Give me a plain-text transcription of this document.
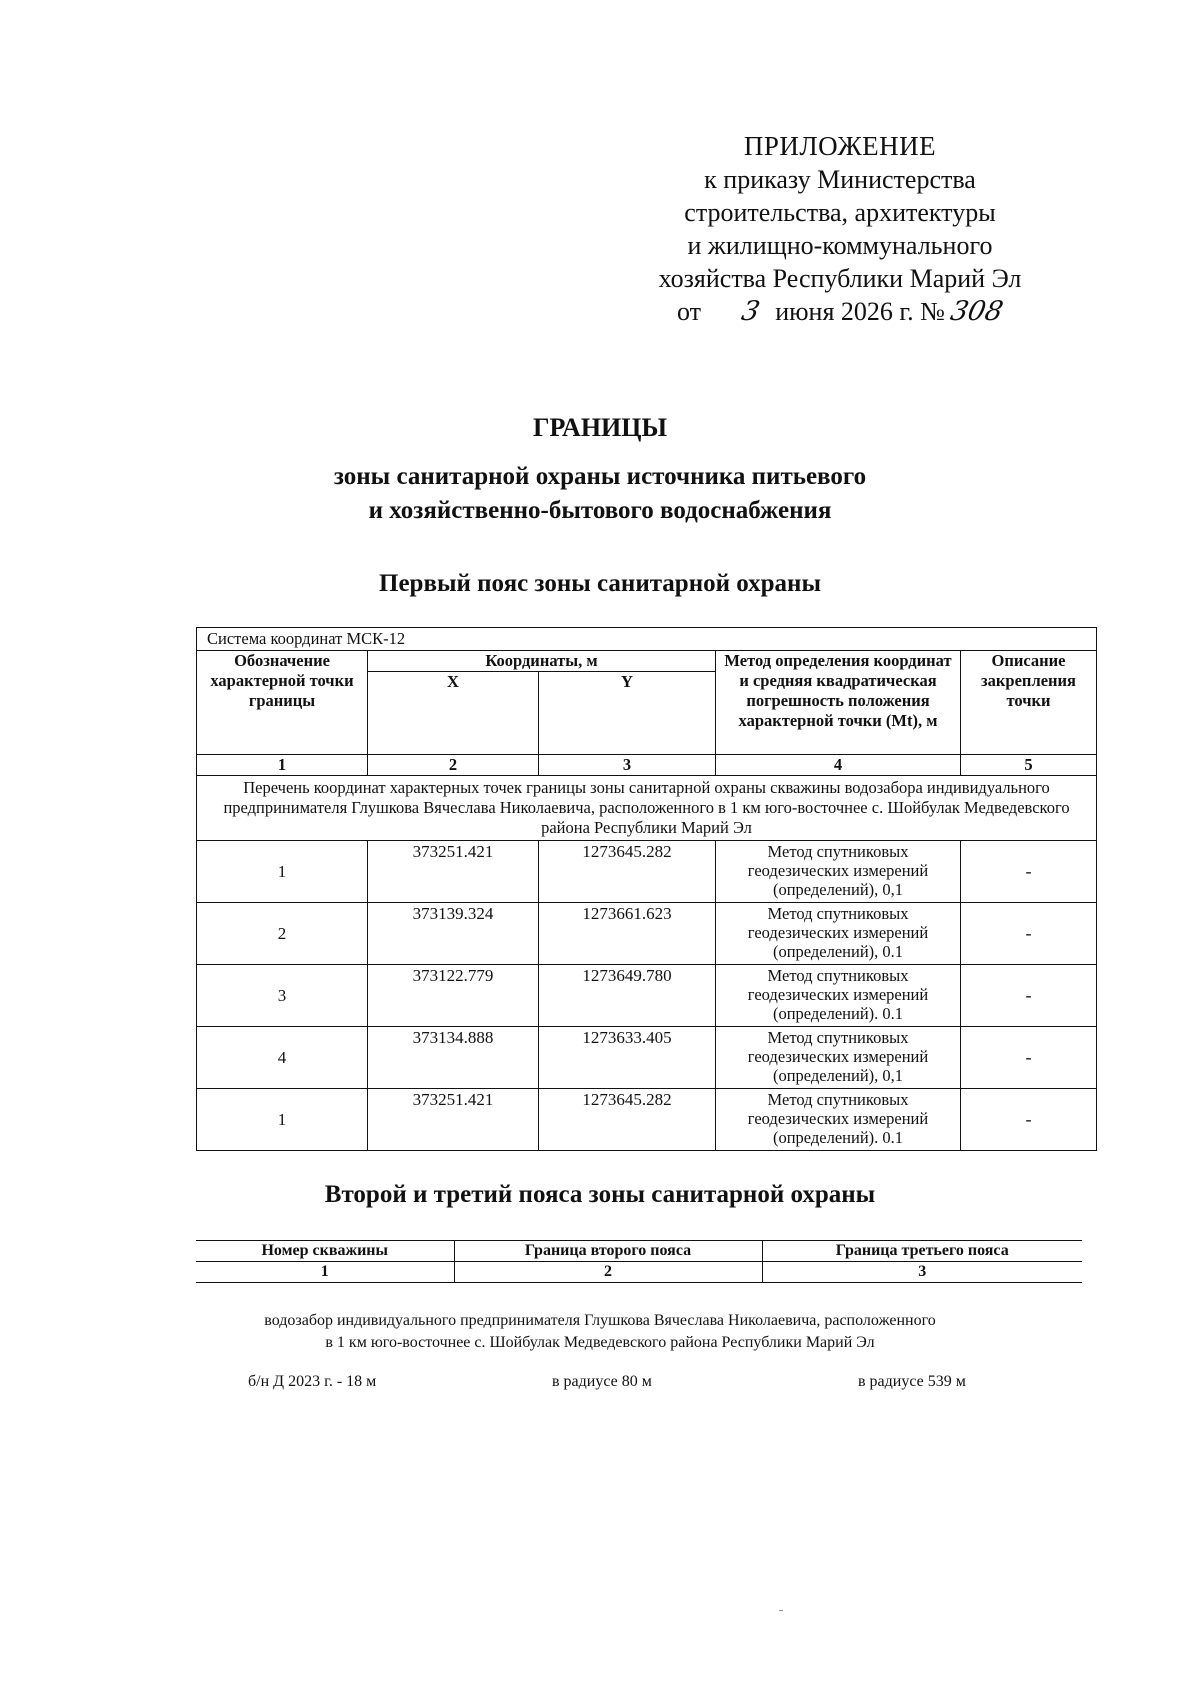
ПРИЛОЖЕНИЕ
к приказу Министерства
строительства, архитектуры
и жилищно-коммунального
хозяйства Республики Марий Эл
от 3 июня 2026 г. № 308
ГРАНИЦЫ
зоны санитарной охраны источника питьевого
и хозяйственно-бытового водоснабжения
Первый пояс зоны санитарной охраны
Система координат МСК-12				
Обозначение характерной точки границы	Координаты, м		Метод определения координат и средняя квадратическая погрешность положения характерной точки (Mt), м	Описание закрепления точки
	X	Y		
1	2	3	4	5
Перечень координат характерных точек границы зоны санитарной охраны скважины водозабора индивидуального предпринимателя Глушкова Вячеслава Николаевича, расположенного в 1 км юго-восточнее с. Шойбулак Медведевского района Республики Марий Эл				
1	373251.421	1273645.282	Метод спутниковых геодезических измерений (определений), 0,1	-
2	373139.324	1273661.623	Метод спутниковых геодезических измерений (определений), 0.1	-
3	373122.779	1273649.780	Метод спутниковых геодезических измерений (определений). 0.1	-
4	373134.888	1273633.405	Метод спутниковых геодезических измерений (определений), 0,1	-
1	373251.421	1273645.282	Метод спутниковых геодезических измерений (определений). 0.1	-
Второй и третий пояса зоны санитарной охраны
Номер скважины	Граница второго пояса	Граница третьего пояса
1	2	3
водозабор индивидуального предпринимателя Глушкова Вячеслава Николаевича, расположенного
в 1 км юго-восточнее с. Шойбулак Медведевского района Республики Марий Эл
б/н Д 2023 г. - 18 м	в радиусе 80 м	в радиусе 539 м
